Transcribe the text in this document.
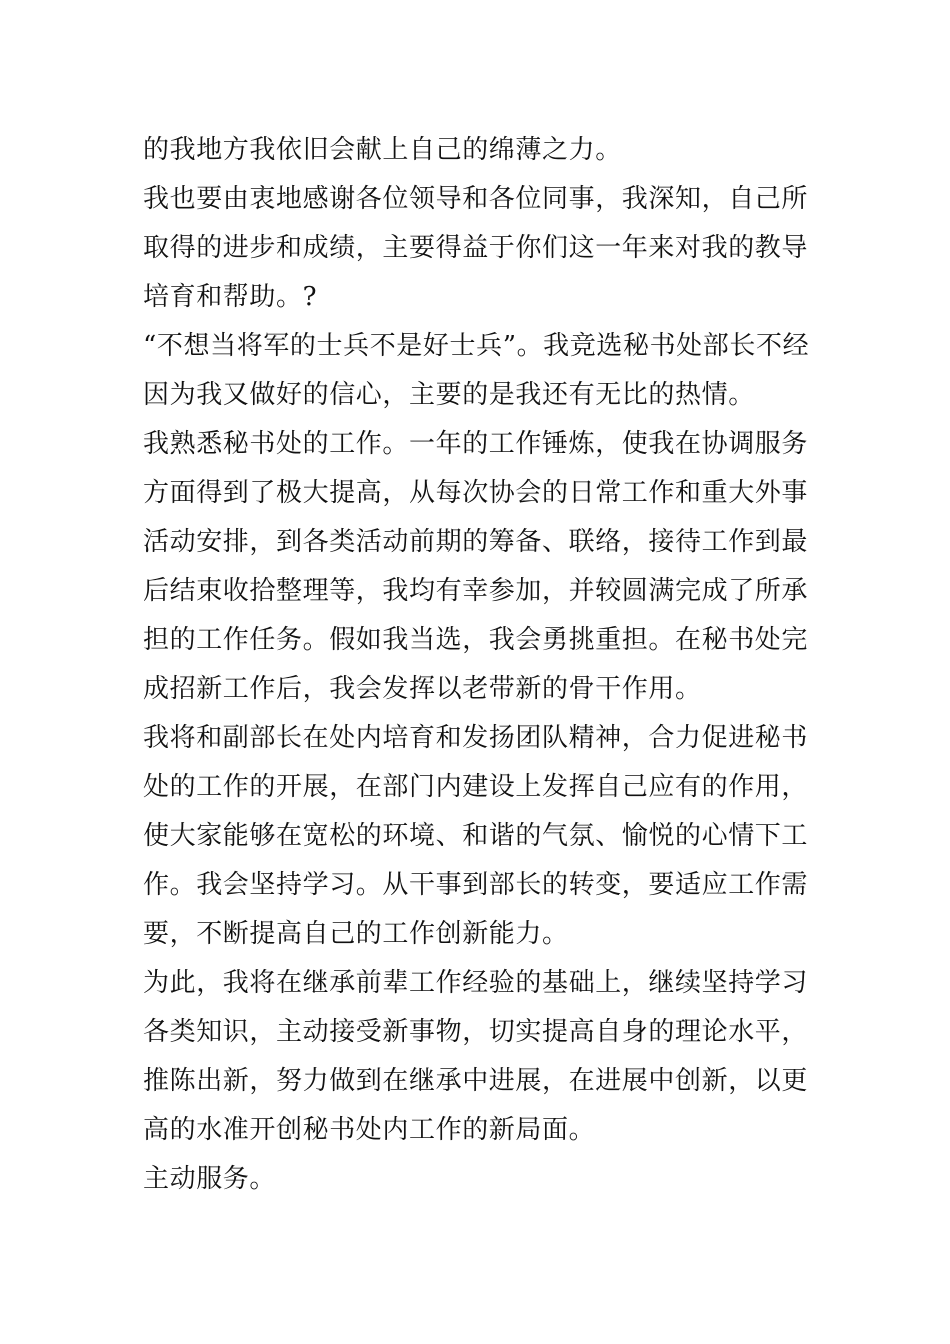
的我地方我依旧会献上自己的绵薄之力。

我也要由衷地感谢各位领导和各位同事，我深知，自己所取得的进步和成绩，主要得益于你们这一年来对我的教导培育和帮助。?

“不想当将军的士兵不是好士兵”。我竞选秘书处部长不经因为我又做好的信心，主要的是我还有无比的热情。

我熟悉秘书处的工作。一年的工作锤炼，使我在协调服务方面得到了极大提高，从每次协会的日常工作和重大外事活动安排，到各类活动前期的筹备、联络，接待工作到最后结束收拾整理等，我均有幸参加，并较圆满完成了所承担的工作任务。假如我当选，我会勇挑重担。在秘书处完成招新工作后，我会发挥以老带新的骨干作用。

我将和副部长在处内培育和发扬团队精神，合力促进秘书处的工作的开展，在部门内建设上发挥自己应有的作用，使大家能够在宽松的环境、和谐的气氛、愉悦的心情下工作。我会坚持学习。从干事到部长的转变，要适应工作需要，不断提高自己的工作创新能力。

为此，我将在继承前辈工作经验的基础上，继续坚持学习各类知识，主动接受新事物，切实提高自身的理论水平，推陈出新，努力做到在继承中进展，在进展中创新，以更高的水准开创秘书处内工作的新局面。

主动服务。
